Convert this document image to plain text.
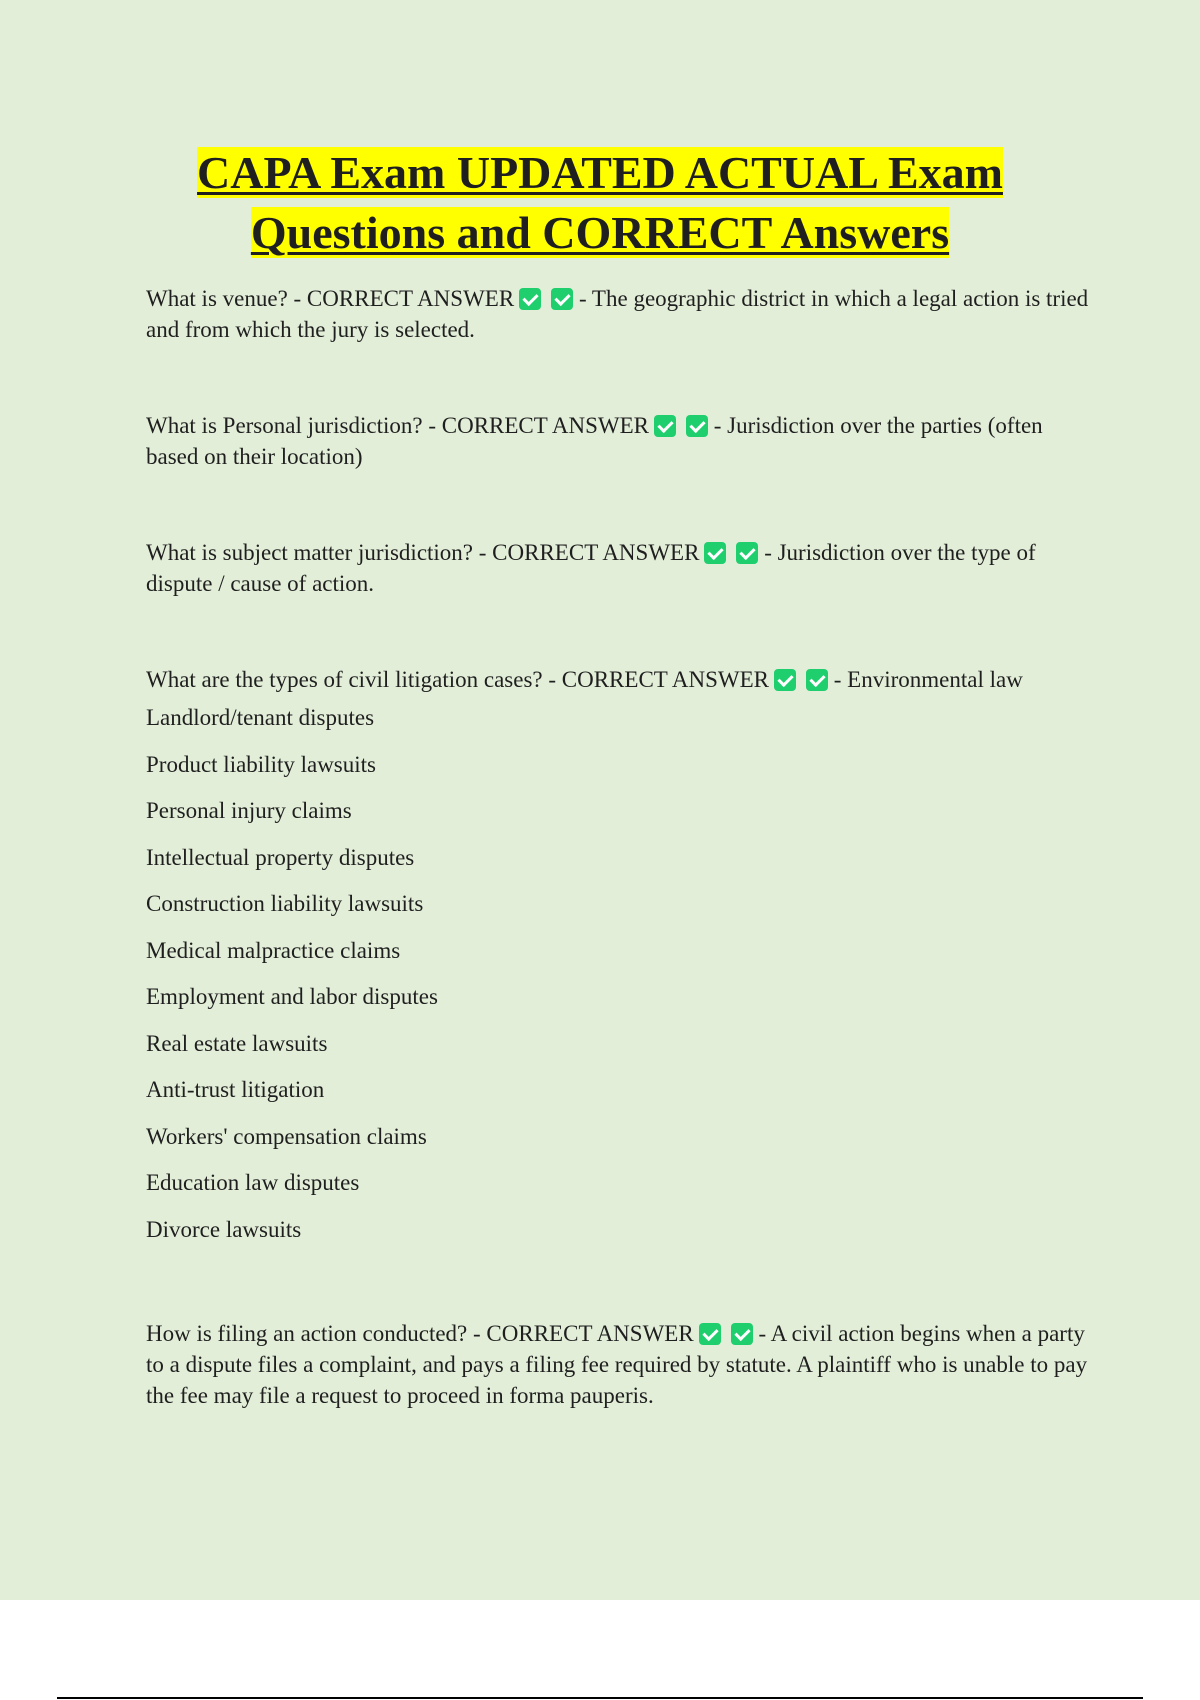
CAPA Exam UPDATED ACTUAL Exam
Questions and CORRECT Answers

What is venue? - CORRECT ANSWER	- The geographic district in which a legal action is tried and from which the jury is selected.

What is Personal jurisdiction? - CORRECT ANSWER	- Jurisdiction over the parties (often based on their location)

What is subject matter jurisdiction? - CORRECT ANSWER	- Jurisdiction over the type of dispute / cause of action.

What are the types of civil litigation cases? - CORRECT ANSWER	- Environmental law

Landlord/tenant disputes
Product liability lawsuits
Personal injury claims
Intellectual property disputes
Construction liability lawsuits
Medical malpractice claims
Employment and labor disputes
Real estate lawsuits
Anti-trust litigation
Workers' compensation claims
Education law disputes
Divorce lawsuits

How is filing an action conducted? - CORRECT ANSWER	- A civil action begins when a party to a dispute files a complaint, and pays a filing fee required by statute. A plaintiff who is unable to pay the fee may file a request to proceed in forma pauperis.
